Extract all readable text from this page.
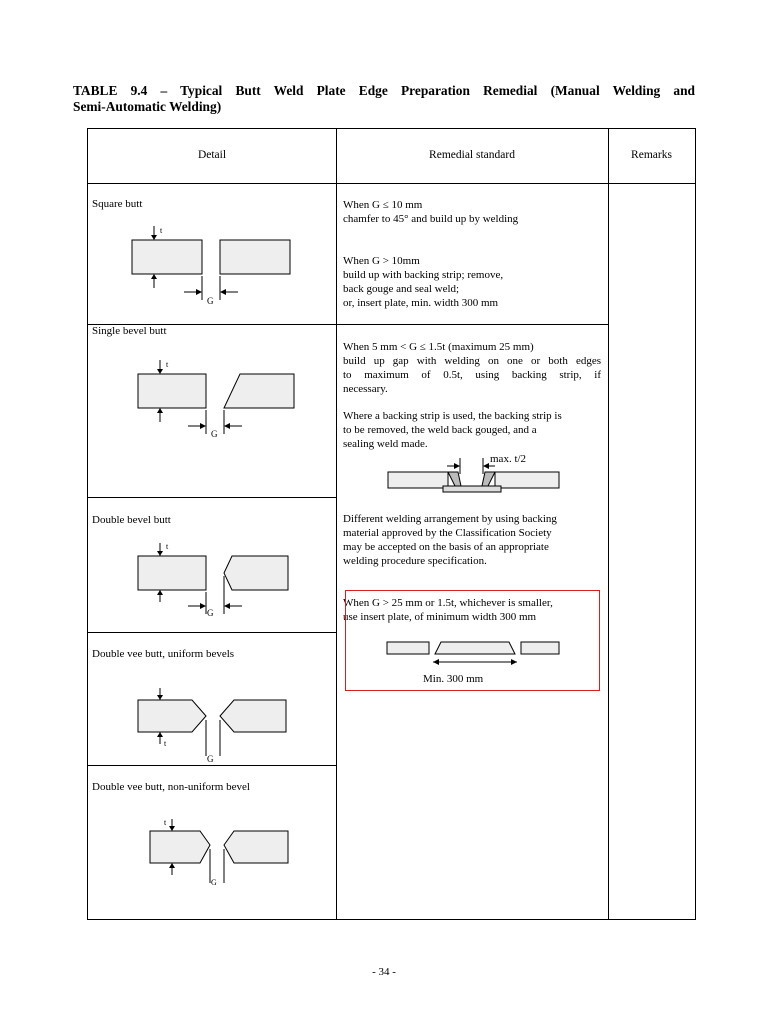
TABLE 9.4 – Typical Butt Weld Plate Edge Preparation Remedial (Manual Welding and
Semi-Automatic Welding)
Detail	Remedial standard	Remarks
Square butt
Single bevel butt
Double bevel butt
Double vee butt, uniform bevels
Double vee butt, non-uniform bevel
When G ≤ 10 mm
chamfer to 45° and build up by welding
When G > 10mm
build up with backing strip; remove,
back gouge and seal weld;
or, insert plate, min. width 300 mm
When 5 mm < G ≤ 1.5t (maximum 25 mm)
build up gap with welding on one or both edges
to maximum of 0.5t, using backing strip, if
necessary.
Where a backing strip is used, the backing strip is
to be removed, the weld back gouged, and a
sealing weld made.
Different welding arrangement by using backing
material approved by the Classification Society
may be accepted on the basis of an appropriate
welding procedure specification.
When G > 25 mm or 1.5t, whichever is smaller,
use insert plate, of minimum width 300 mm
t
G
t
G
max. t/2
t
G
Min. 300 mm
t
G
t
G
- 34 -
